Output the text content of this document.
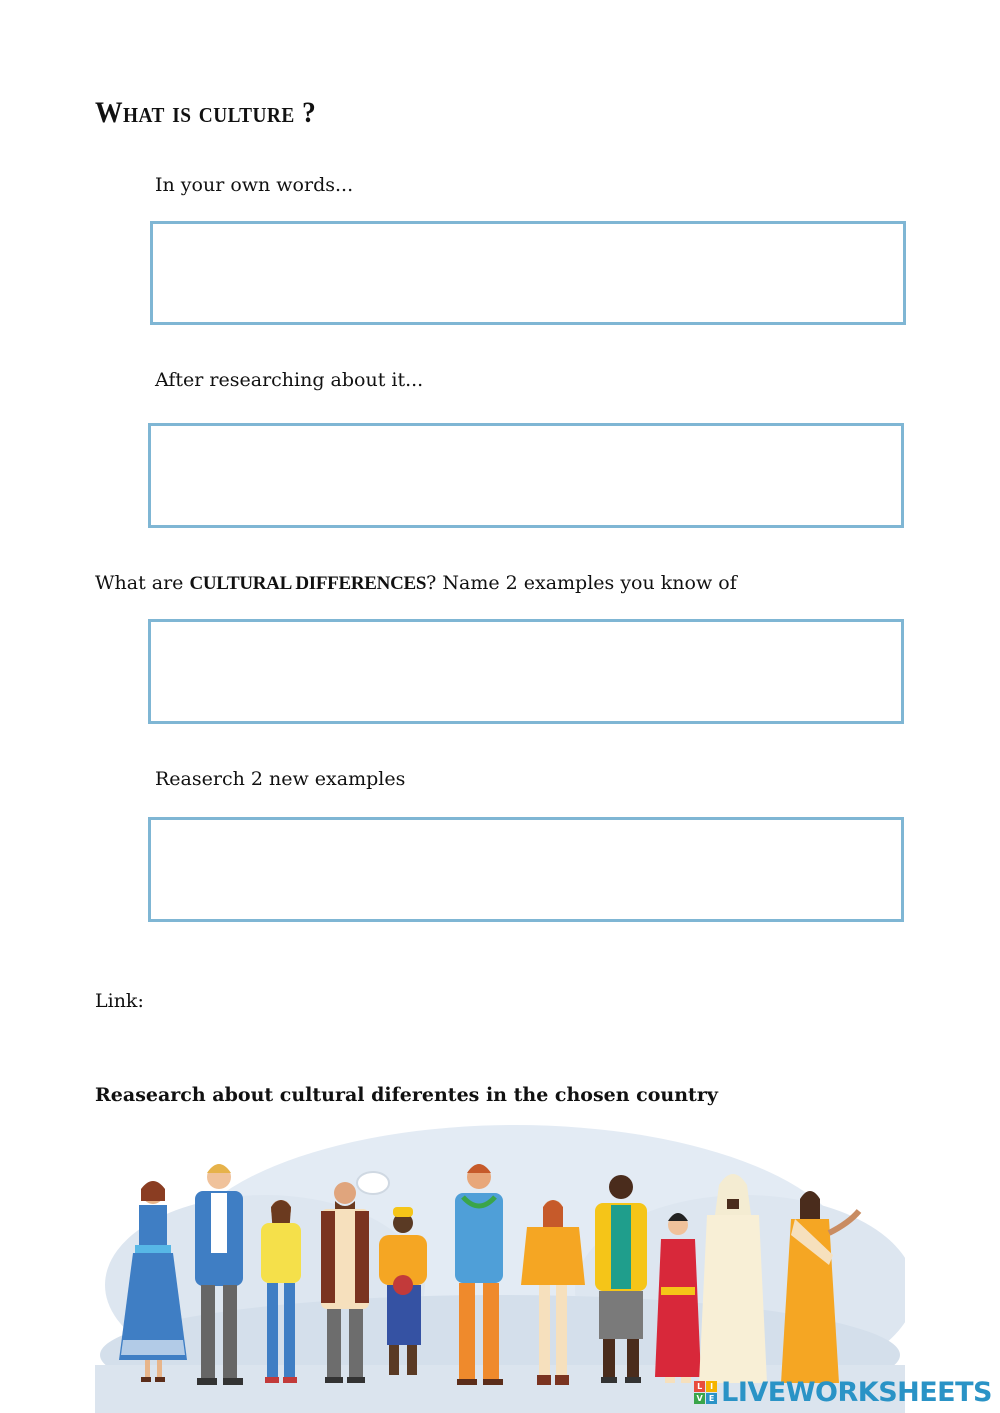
What is culture ?
In your own words...
After researching about it...
What are CULTURAL DIFFERENCES? Name 2 examples you know of
Reaserch 2 new examples
Link:
Reasearch about cultural diferentes in the chosen country
L I
V E LIVEWORKSHEETS
